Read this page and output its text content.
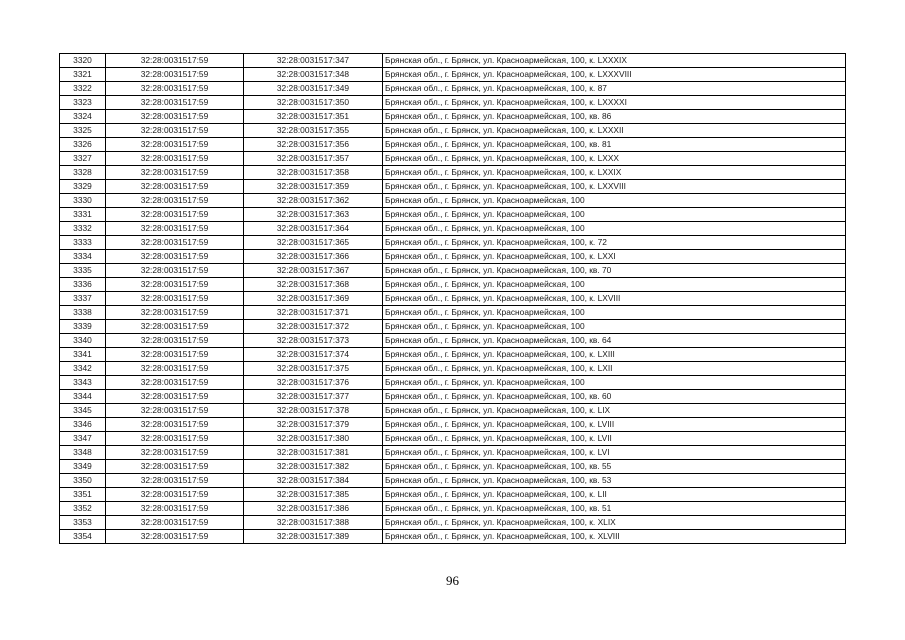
3320	32:28:0031517:59	32:28:0031517:347	Брянская обл., г. Брянск, ул. Красноармейская, 100, к. LXXXIX
3321	32:28:0031517:59	32:28:0031517:348	Брянская обл., г. Брянск, ул. Красноармейская, 100, к. LXXXVIII
3322	32:28:0031517:59	32:28:0031517:349	Брянская обл., г. Брянск, ул. Красноармейская, 100, к. 87
3323	32:28:0031517:59	32:28:0031517:350	Брянская обл., г. Брянск, ул. Красноармейская, 100, к. LXXXXI
3324	32:28:0031517:59	32:28:0031517:351	Брянская обл., г. Брянск, ул. Красноармейская, 100, кв. 86
3325	32:28:0031517:59	32:28:0031517:355	Брянская обл., г. Брянск, ул. Красноармейская, 100, к. LXXXII
3326	32:28:0031517:59	32:28:0031517:356	Брянская обл., г. Брянск, ул. Красноармейская, 100, кв. 81
3327	32:28:0031517:59	32:28:0031517:357	Брянская обл., г. Брянск, ул. Красноармейская, 100, к. LXXX
3328	32:28:0031517:59	32:28:0031517:358	Брянская обл., г. Брянск, ул. Красноармейская, 100, к. LXXIX
3329	32:28:0031517:59	32:28:0031517:359	Брянская обл., г. Брянск, ул. Красноармейская, 100, к. LXXVIII
3330	32:28:0031517:59	32:28:0031517:362	Брянская обл., г. Брянск, ул. Красноармейская, 100
3331	32:28:0031517:59	32:28:0031517:363	Брянская обл., г. Брянск, ул. Красноармейская, 100
3332	32:28:0031517:59	32:28:0031517:364	Брянская обл., г. Брянск, ул. Красноармейская, 100
3333	32:28:0031517:59	32:28:0031517:365	Брянская обл., г. Брянск, ул. Красноармейская, 100, к. 72
3334	32:28:0031517:59	32:28:0031517:366	Брянская обл., г. Брянск, ул. Красноармейская, 100, к. LXXI
3335	32:28:0031517:59	32:28:0031517:367	Брянская обл., г. Брянск, ул. Красноармейская, 100, кв. 70
3336	32:28:0031517:59	32:28:0031517:368	Брянская обл., г. Брянск, ул. Красноармейская, 100
3337	32:28:0031517:59	32:28:0031517:369	Брянская обл., г. Брянск, ул. Красноармейская, 100, к. LXVIII
3338	32:28:0031517:59	32:28:0031517:371	Брянская обл., г. Брянск, ул. Красноармейская, 100
3339	32:28:0031517:59	32:28:0031517:372	Брянская обл., г. Брянск, ул. Красноармейская, 100
3340	32:28:0031517:59	32:28:0031517:373	Брянская обл., г. Брянск, ул. Красноармейская, 100, кв. 64
3341	32:28:0031517:59	32:28:0031517:374	Брянская обл., г. Брянск, ул. Красноармейская, 100, к. LXIII
3342	32:28:0031517:59	32:28:0031517:375	Брянская обл., г. Брянск, ул. Красноармейская, 100, к. LXII
3343	32:28:0031517:59	32:28:0031517:376	Брянская обл., г. Брянск, ул. Красноармейская, 100
3344	32:28:0031517:59	32:28:0031517:377	Брянская обл., г. Брянск, ул. Красноармейская, 100, кв. 60
3345	32:28:0031517:59	32:28:0031517:378	Брянская обл., г. Брянск, ул. Красноармейская, 100, к. LIX
3346	32:28:0031517:59	32:28:0031517:379	Брянская обл., г. Брянск, ул. Красноармейская, 100, к. LVIII
3347	32:28:0031517:59	32:28:0031517:380	Брянская обл., г. Брянск, ул. Красноармейская, 100, к. LVII
3348	32:28:0031517:59	32:28:0031517:381	Брянская обл., г. Брянск, ул. Красноармейская, 100, к. LVI
3349	32:28:0031517:59	32:28:0031517:382	Брянская обл., г. Брянск, ул. Красноармейская, 100, кв. 55
3350	32:28:0031517:59	32:28:0031517:384	Брянская обл., г. Брянск, ул. Красноармейская, 100, кв. 53
3351	32:28:0031517:59	32:28:0031517:385	Брянская обл., г. Брянск, ул. Красноармейская, 100, к. LII
3352	32:28:0031517:59	32:28:0031517:386	Брянская обл., г. Брянск, ул. Красноармейская, 100, кв. 51
3353	32:28:0031517:59	32:28:0031517:388	Брянская обл., г. Брянск, ул. Красноармейская, 100, к. XLIX
3354	32:28:0031517:59	32:28:0031517:389	Брянская обл., г. Брянск, ул. Красноармейская, 100, к. XLVIII
96
